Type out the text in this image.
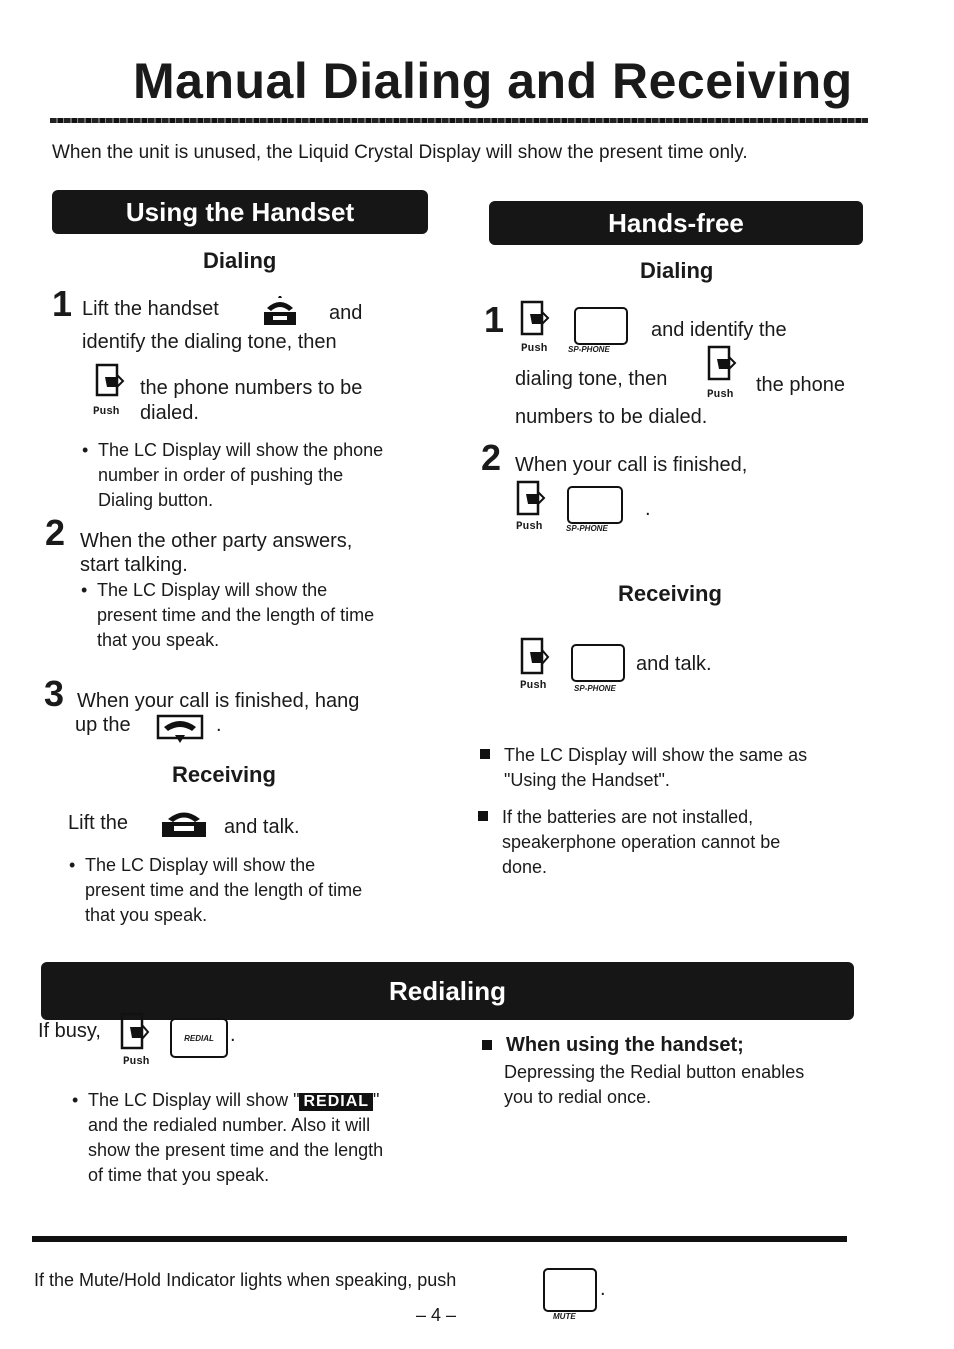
Manual Dialing and Receiving
When the unit is unused, the Liquid Crystal Display will show the present time only.
Using the Handset
Dialing
1 Lift the handset	and
identify the dialing tone, then
Push
the phone numbers to be
dialed.
• The LC Display will show the phone
number in order of pushing the
Dialing button.
2 When the other party answers,
start talking.
• The LC Display will show the
present time and the length of time
that you speak.
3 When your call is finished, hang
up the	.
Receiving
Lift the	and talk.
• The LC Display will show the
present time and the length of time
that you speak.
Hands-free
Dialing
1
Push	SP-PHONE
and identify the
dialing tone, then
Push the phone
numbers to be dialed.
2 When your call is finished,
Push	SP-PHONE
.
Receiving
Push	SP-PHONE
and talk.
The LC Display will show the same as
"Using the Handset".
If the batteries are not installed,
speakerphone operation cannot be
done.
Redialing
If busy,
Push
REDIAL .
• The LC Display will show " REDIAL "
and the redialed number. Also it will
show the present time and the length
of time that you speak.
When using the handset;
Depressing the Redial button enables
you to redial once.
If the Mute/Hold Indicator lights when speaking, push	.
MUTE
– 4 –
